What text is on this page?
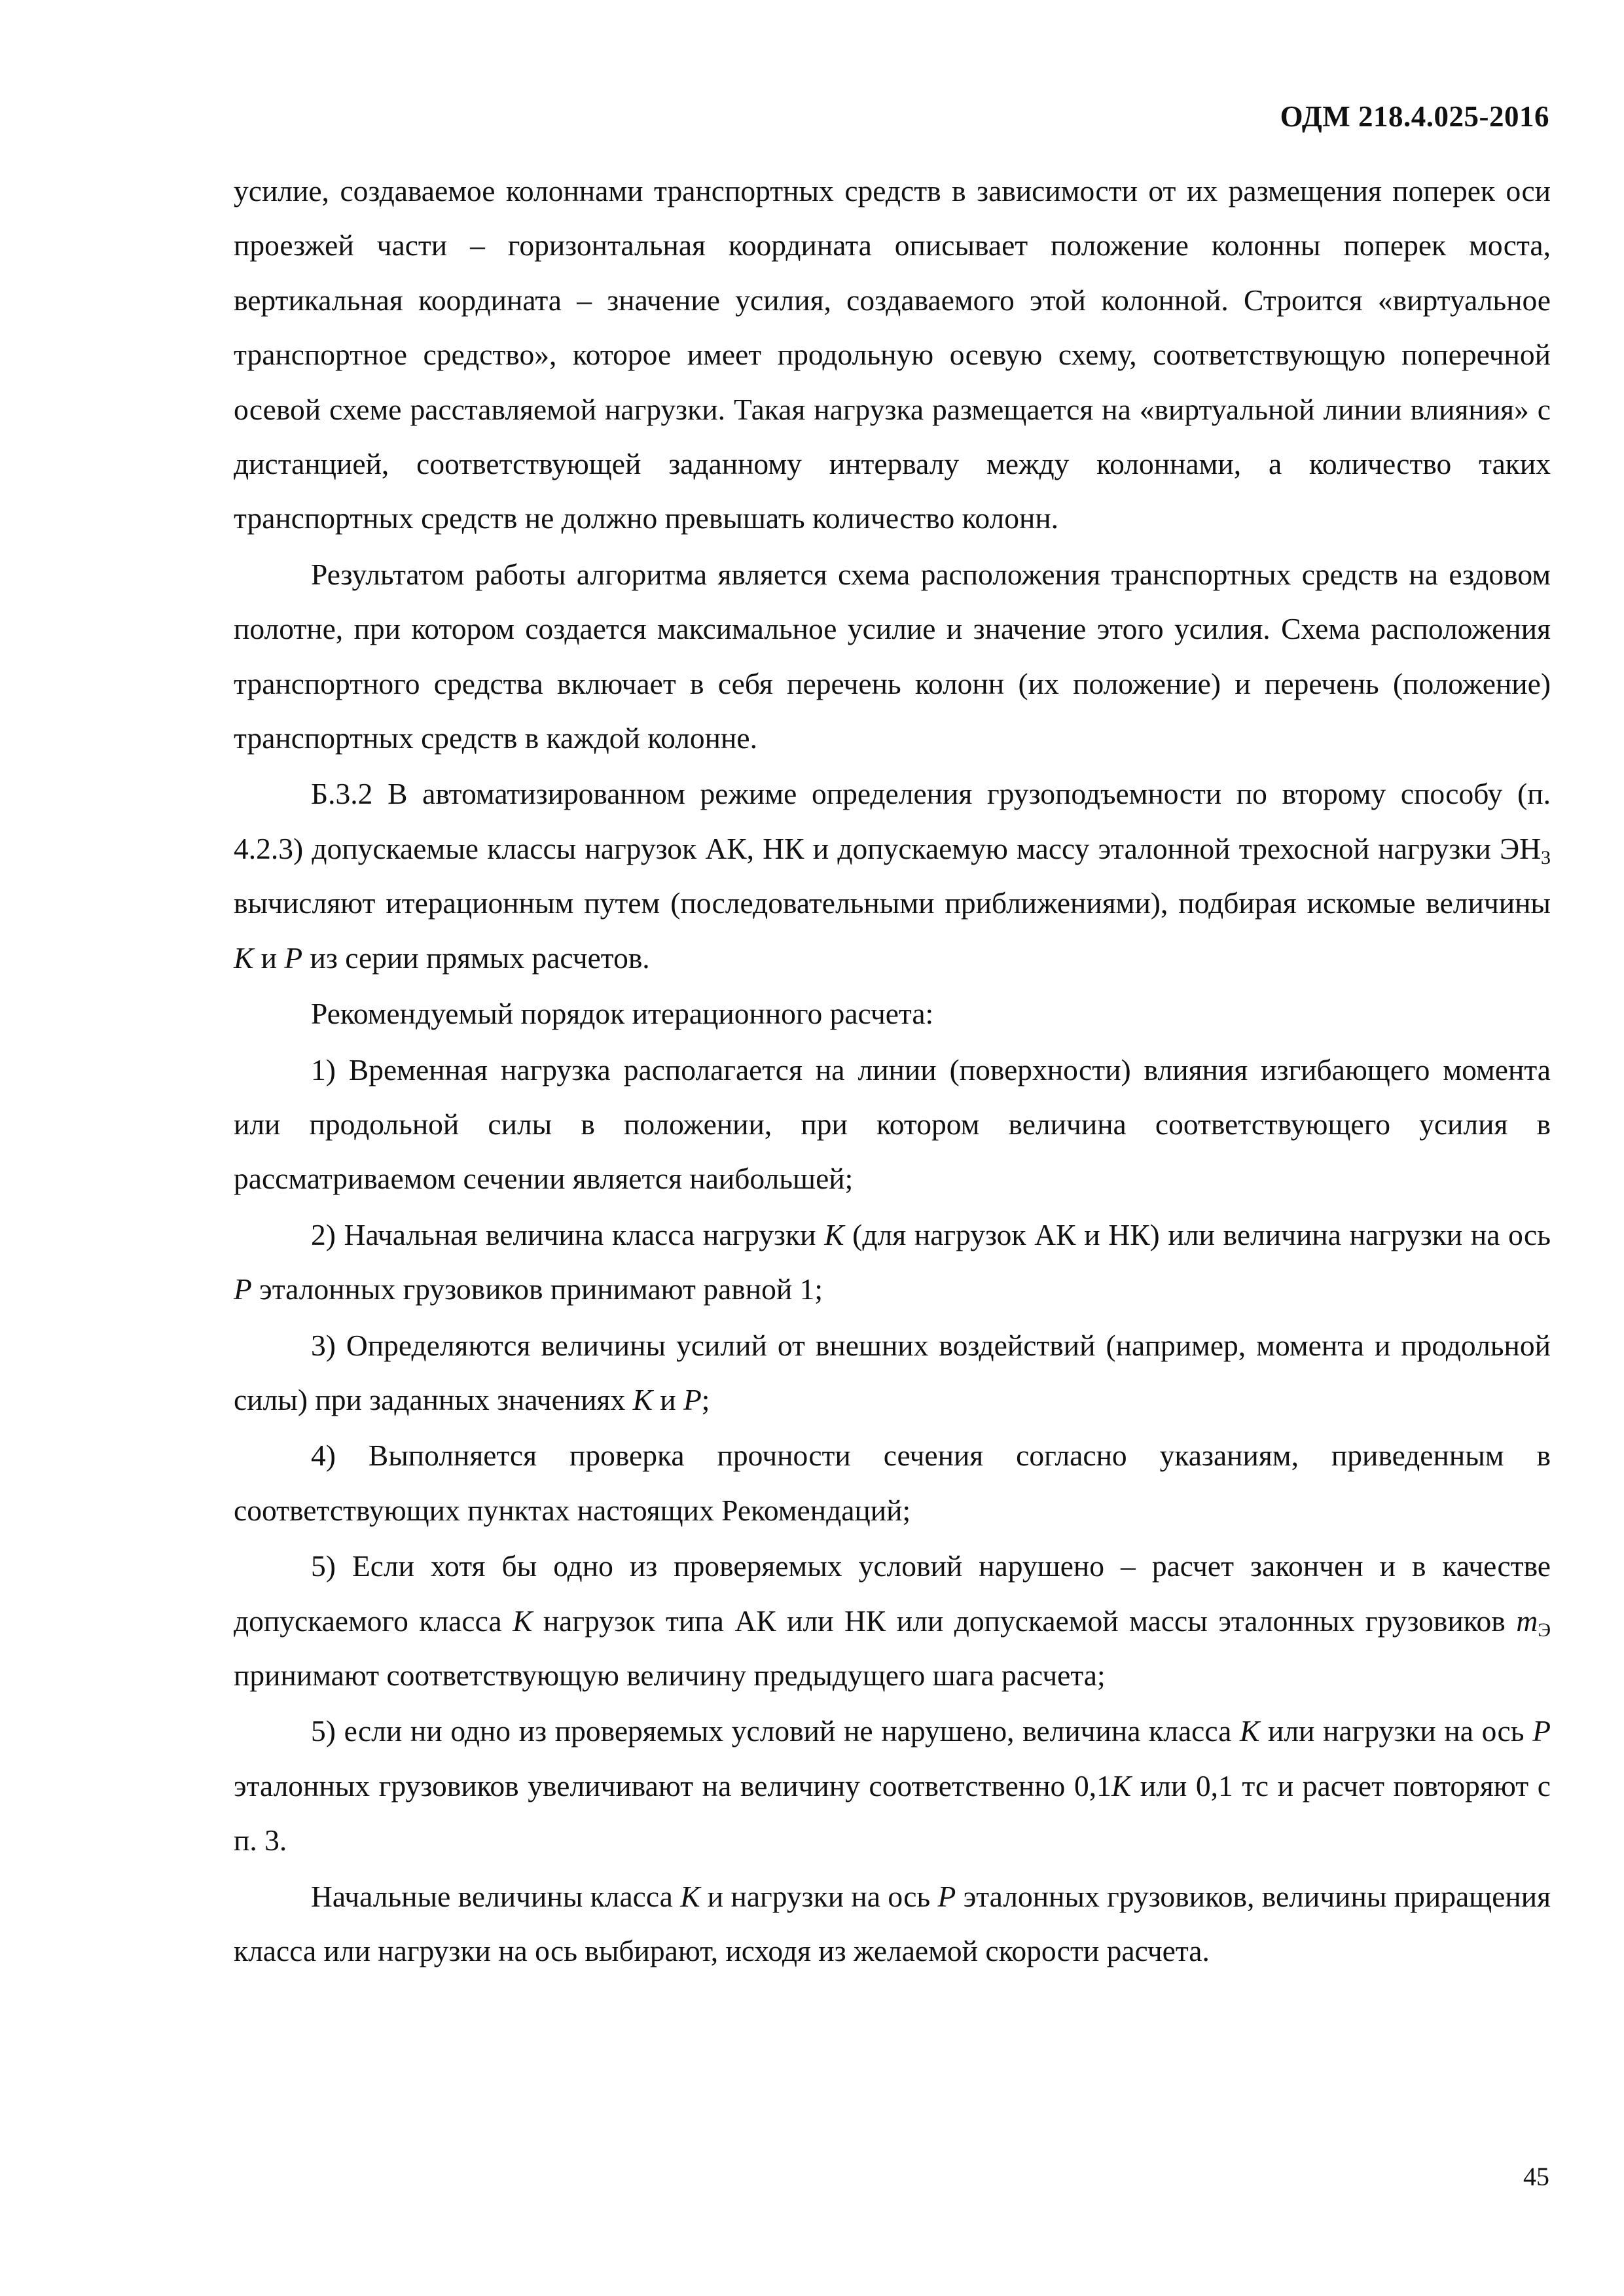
ОДМ 218.4.025-2016

усилие, создаваемое колоннами транспортных средств в зависимости от их размещения поперек оси проезжей части – горизонтальная координата описывает положение колонны поперек моста, вертикальная координата – значение усилия, создаваемого этой колонной. Строится «виртуальное транспортное средство», которое имеет продольную осевую схему, соответствующую поперечной осевой схеме расставляемой нагрузки. Такая нагрузка размещается на «виртуальной линии влияния» с дистанцией, соответствующей заданному интервалу между колоннами, а количество таких транспортных средств не должно превышать количество колонн.

Результатом работы алгоритма является схема расположения транспортных средств на ездовом полотне, при котором создается максимальное усилие и значение этого усилия. Схема расположения транспортного средства включает в себя перечень колонн (их положение) и перечень (положение) транспортных средств в каждой колонне.

Б.3.2 В автоматизированном режиме определения грузоподъемности по второму способу (п. 4.2.3) допускаемые классы нагрузок АК, НК и допускаемую массу эталонной трехосной нагрузки $ЭН_3$ вычисляют итерационным путем (последовательными приближениями), подбирая искомые величины К и Р из серии прямых расчетов.

Рекомендуемый порядок итерационного расчета:

1) Временная нагрузка располагается на линии (поверхности) влияния изгибающего момента или продольной силы в положении, при котором величина соответствующего усилия в рассматриваемом сечении является наибольшей;

2) Начальная величина класса нагрузки К (для нагрузок АК и НК) или величина нагрузки на ось Р эталонных грузовиков принимают равной 1;

3) Определяются величины усилий от внешних воздействий (например, момента и продольной силы) при заданных значениях К и Р;

4) Выполняется проверка прочности сечения согласно указаниям, приведенным в соответствующих пунктах настоящих Рекомендаций;

5) Если хотя бы одно из проверяемых условий нарушено – расчет закончен и в качестве допускаемого класса К нагрузок типа АК или НК или допускаемой массы эталонных грузовиков $m_Э$ принимают соответствующую величину предыдущего шага расчета;

5) если ни одно из проверяемых условий не нарушено, величина класса К или нагрузки на ось Р эталонных грузовиков увеличивают на величину соответственно 0,1К или 0,1 тс и расчет повторяют с п. 3.

Начальные величины класса К и нагрузки на ось Р эталонных грузовиков, величины приращения класса или нагрузки на ось выбирают, исходя из желаемой скорости расчета.

45
